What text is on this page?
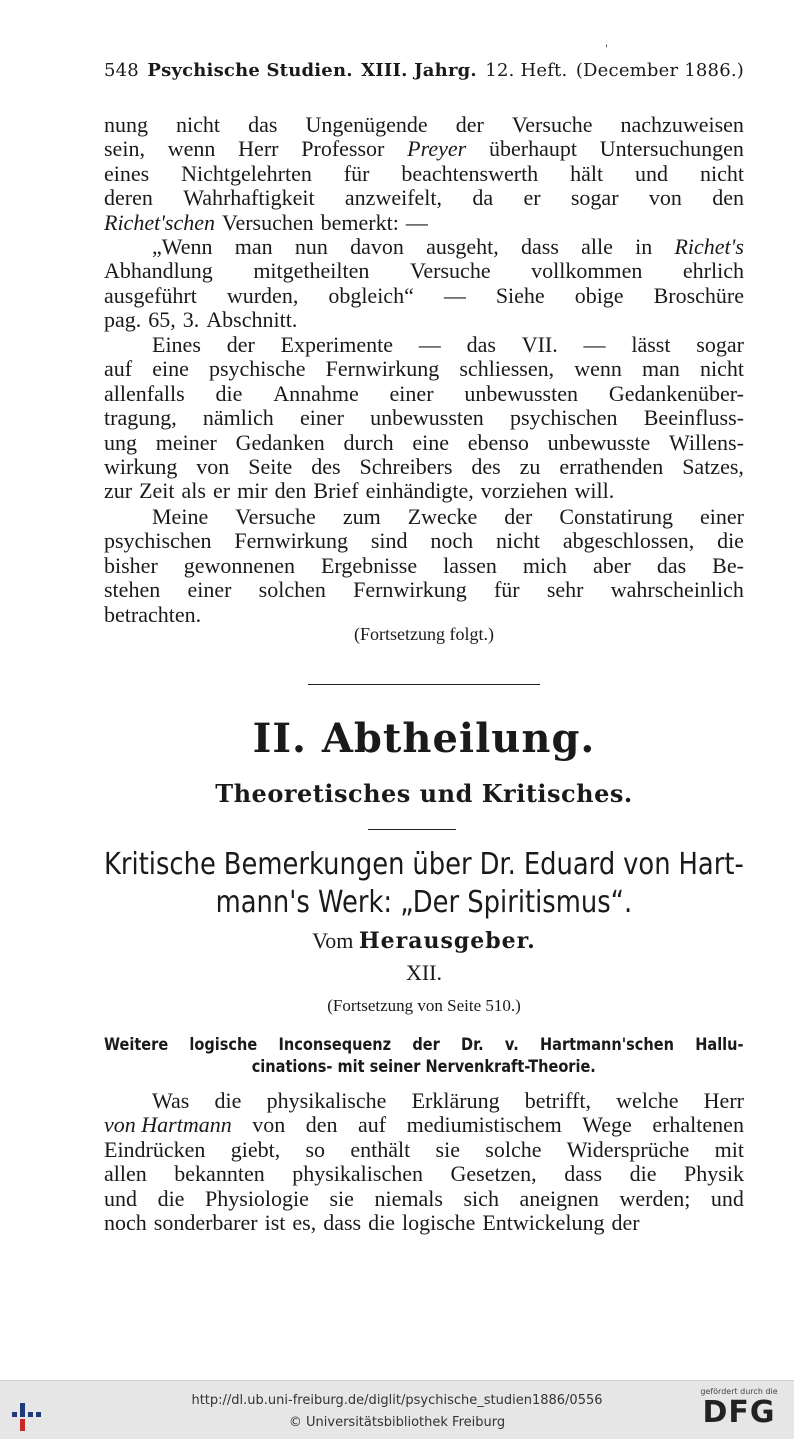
'
548 Psychische Studien. XIII. Jahrg. 12. Heft. (December 1886.)
nung nicht das Ungenügende der Versuche nachzuweisen
sein, wenn Herr Professor Preyer überhaupt Untersuchungen
eines Nichtgelehrten für beachtenswerth hält und nicht
deren Wahrhaftigkeit anzweifelt, da er sogar von den
Richet'schen Versuchen bemerkt: —
„Wenn man nun davon ausgeht, dass alle in Richet's
Abhandlung mitgetheilten Versuche vollkommen ehrlich
ausgeführt wurden, obgleich“ — Siehe obige Broschüre
pag. 65, 3. Abschnitt.
Eines der Experimente — das VII. — lässt sogar
auf eine psychische Fernwirkung schliessen, wenn man nicht
allenfalls die Annahme einer unbewussten Gedankenüber-
tragung, nämlich einer unbewussten psychischen Beeinfluss-
ung meiner Gedanken durch eine ebenso unbewusste Willens-
wirkung von Seite des Schreibers des zu errathenden Satzes,
zur Zeit als er mir den Brief einhändigte, vorziehen will.
Meine Versuche zum Zwecke der Constatirung einer
psychischen Fernwirkung sind noch nicht abgeschlossen, die
bisher gewonnenen Ergebnisse lassen mich aber das Be-
stehen einer solchen Fernwirkung für sehr wahrscheinlich
betrachten.
(Fortsetzung folgt.)
II. Abtheilung.
Theoretisches und Kritisches.
Kritische Bemerkungen über Dr. Eduard von Hart-
mann's Werk: „Der Spiritismus“.
Vom Herausgeber.
XII.
(Fortsetzung von Seite 510.)
Weitere logische Inconsequenz der Dr. v. Hartmann'schen Hallu-
cinations- mit seiner Nervenkraft-Theorie.
Was die physikalische Erklärung betrifft, welche Herr
von Hartmann von den auf mediumistischem Wege erhaltenen
Eindrücken giebt, so enthält sie solche Widersprüche mit
allen bekannten physikalischen Gesetzen, dass die Physik
und die Physiologie sie niemals sich aneignen werden; und
noch sonderbarer ist es, dass die logische Entwickelung der
http://dl.ub.uni-freiburg.de/diglit/psychische_studien1886/0556
© Universitätsbibliothek Freiburg
gefördert durch die
DFG
